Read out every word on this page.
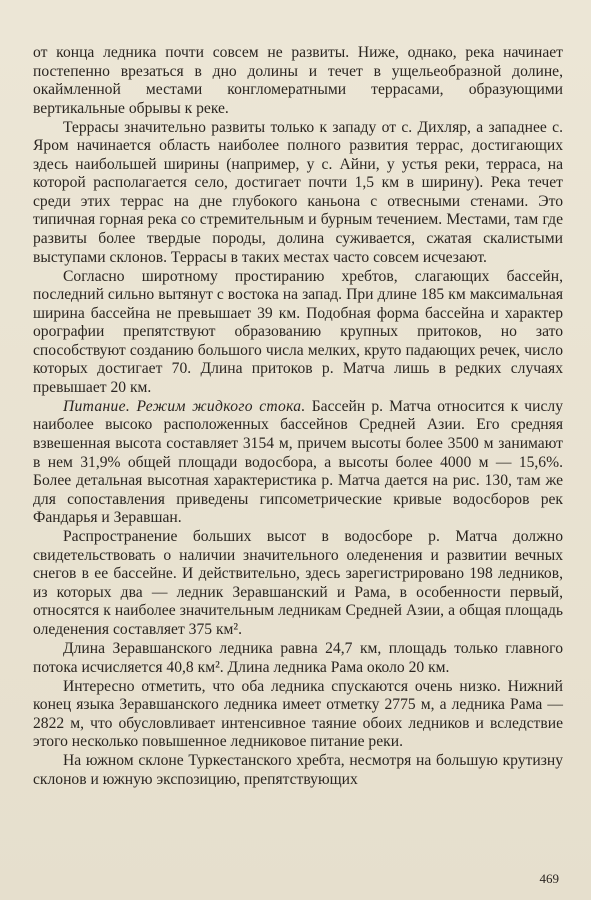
от конца ледника почти совсем не развиты. Ниже, однако, река начинает постепенно врезаться в дно долины и течет в ущельеобразной долине, окаймленной местами конгломератными террасами, образующими вертикальные обрывы к реке.

Террасы значительно развиты только к западу от с. Дихляр, а западнее с. Яром начинается область наиболее полного развития террас, достигающих здесь наибольшей ширины (например, у с. Айни, у устья реки, терраса, на которой располагается село, достигает почти 1,5 км в ширину). Река течет среди этих террас на дне глубокого каньона с отвесными стенами. Это типичная горная река со стремительным и бурным течением. Местами, там где развиты более твердые породы, долина суживается, сжатая скалистыми выступами склонов. Террасы в таких местах часто совсем исчезают.

Согласно широтному простиранию хребтов, слагающих бассейн, последний сильно вытянут с востока на запад. При длине 185 км максимальная ширина бассейна не превышает 39 км. Подобная форма бассейна и характер орографии препятствуют образованию крупных притоков, но зато способствуют созданию большого числа мелких, круто падающих речек, число которых достигает 70. Длина притоков р. Матча лишь в редких случаях превышает 20 км.

Питание. Режим жидкого стока. Бассейн р. Матча относится к числу наиболее высоко расположенных бассейнов Средней Азии. Его средняя взвешенная высота составляет 3154 м, причем высоты более 3500 м занимают в нем 31,9% общей площади водосбора, а высоты более 4000 м — 15,6%. Более детальная высотная характеристика р. Матча дается на рис. 130, там же для сопоставления приведены гипсометрические кривые водосборов рек Фандарья и Зеравшан.

Распространение больших высот в водосборе р. Матча должно свидетельствовать о наличии значительного оледенения и развитии вечных снегов в ее бассейне. И действительно, здесь зарегистрировано 198 ледников, из которых два — ледник Зеравшанский и Рама, в особенности первый, относятся к наиболее значительным ледникам Средней Азии, а общая площадь оледенения составляет 375 км².

Длина Зеравшанского ледника равна 24,7 км, площадь только главного потока исчисляется 40,8 км². Длина ледника Рама около 20 км.

Интересно отметить, что оба ледника спускаются очень низко. Нижний конец языка Зеравшанского ледника имеет отметку 2775 м, а ледника Рама — 2822 м, что обусловливает интенсивное таяние обоих ледников и вследствие этого несколько повышенное ледниковое питание реки.

На южном склоне Туркестанского хребта, несмотря на большую крутизну склонов и южную экспозицию, препятствующих

469
